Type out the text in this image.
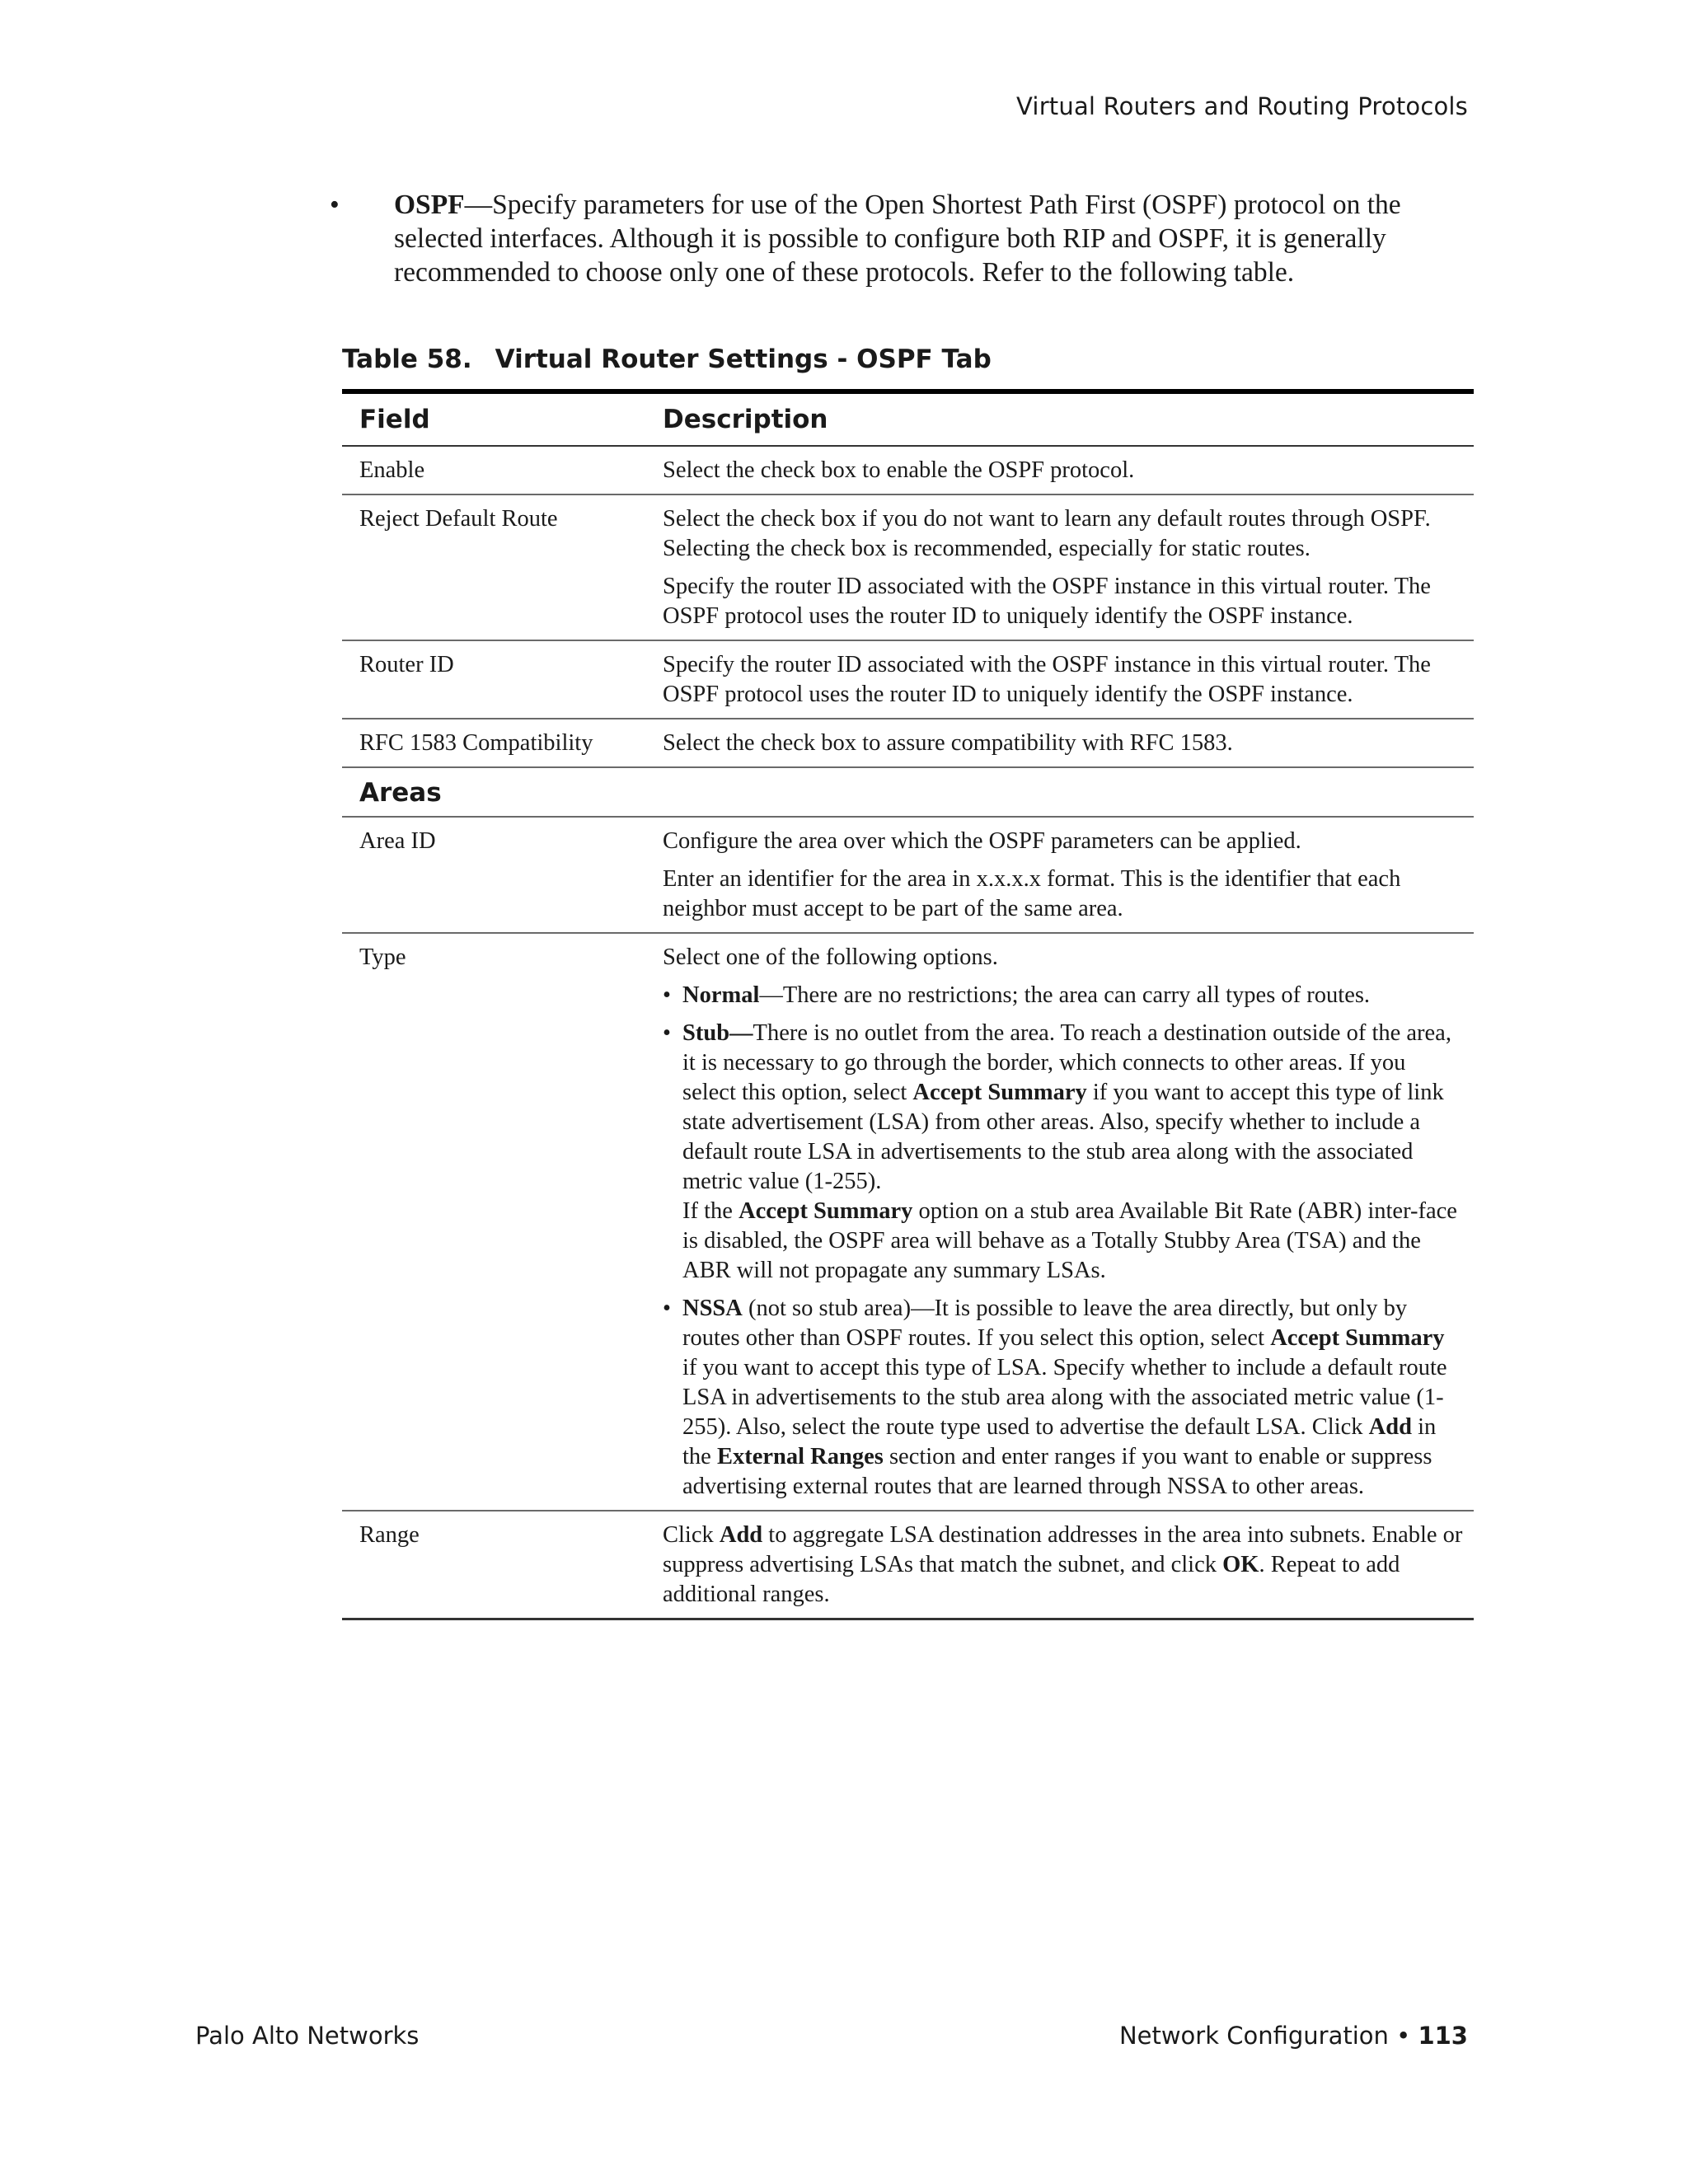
Virtual Routers and Routing Protocols
• OSPF—Specify parameters for use of the Open Shortest Path First (OSPF) protocol on the selected interfaces. Although it is possible to configure both RIP and OSPF, it is generally recommended to choose only one of these protocols. Refer to the following table.
Table 58. Virtual Router Settings - OSPF Tab
Field	Description
Enable	Select the check box to enable the OSPF protocol.
Reject Default Route	Select the check box if you do not want to learn any default routes through OSPF. Selecting the check box is recommended, especially for static routes.
Specify the router ID associated with the OSPF instance in this virtual router. The OSPF protocol uses the router ID to uniquely identify the OSPF instance.
Router ID	Specify the router ID associated with the OSPF instance in this virtual router. The OSPF protocol uses the router ID to uniquely identify the OSPF instance.
RFC 1583 Compatibility	Select the check box to assure compatibility with RFC 1583.
Areas
Area ID	Configure the area over which the OSPF parameters can be applied.
Enter an identifier for the area in x.x.x.x format. This is the identifier that each neighbor must accept to be part of the same area.
Type	Select one of the following options.
• Normal—There are no restrictions; the area can carry all types of routes.
• Stub—There is no outlet from the area. To reach a destination outside of the area, it is necessary to go through the border, which connects to other areas. If you select this option, select Accept Summary if you want to accept this type of link state advertisement (LSA) from other areas. Also, specify whether to include a default route LSA in advertisements to the stub area along with the associated metric value (1-255).
If the Accept Summary option on a stub area Available Bit Rate (ABR) inter-face is disabled, the OSPF area will behave as a Totally Stubby Area (TSA) and the ABR will not propagate any summary LSAs.
• NSSA (not so stub area)—It is possible to leave the area directly, but only by routes other than OSPF routes. If you select this option, select Accept Summary if you want to accept this type of LSA. Specify whether to include a default route LSA in advertisements to the stub area along with the associated metric value (1-255). Also, select the route type used to advertise the default LSA. Click Add in the External Ranges section and enter ranges if you want to enable or suppress advertising external routes that are learned through NSSA to other areas.
Range	Click Add to aggregate LSA destination addresses in the area into subnets. Enable or suppress advertising LSAs that match the subnet, and click OK. Repeat to add additional ranges.
Palo Alto Networks	Network Configuration • 113
